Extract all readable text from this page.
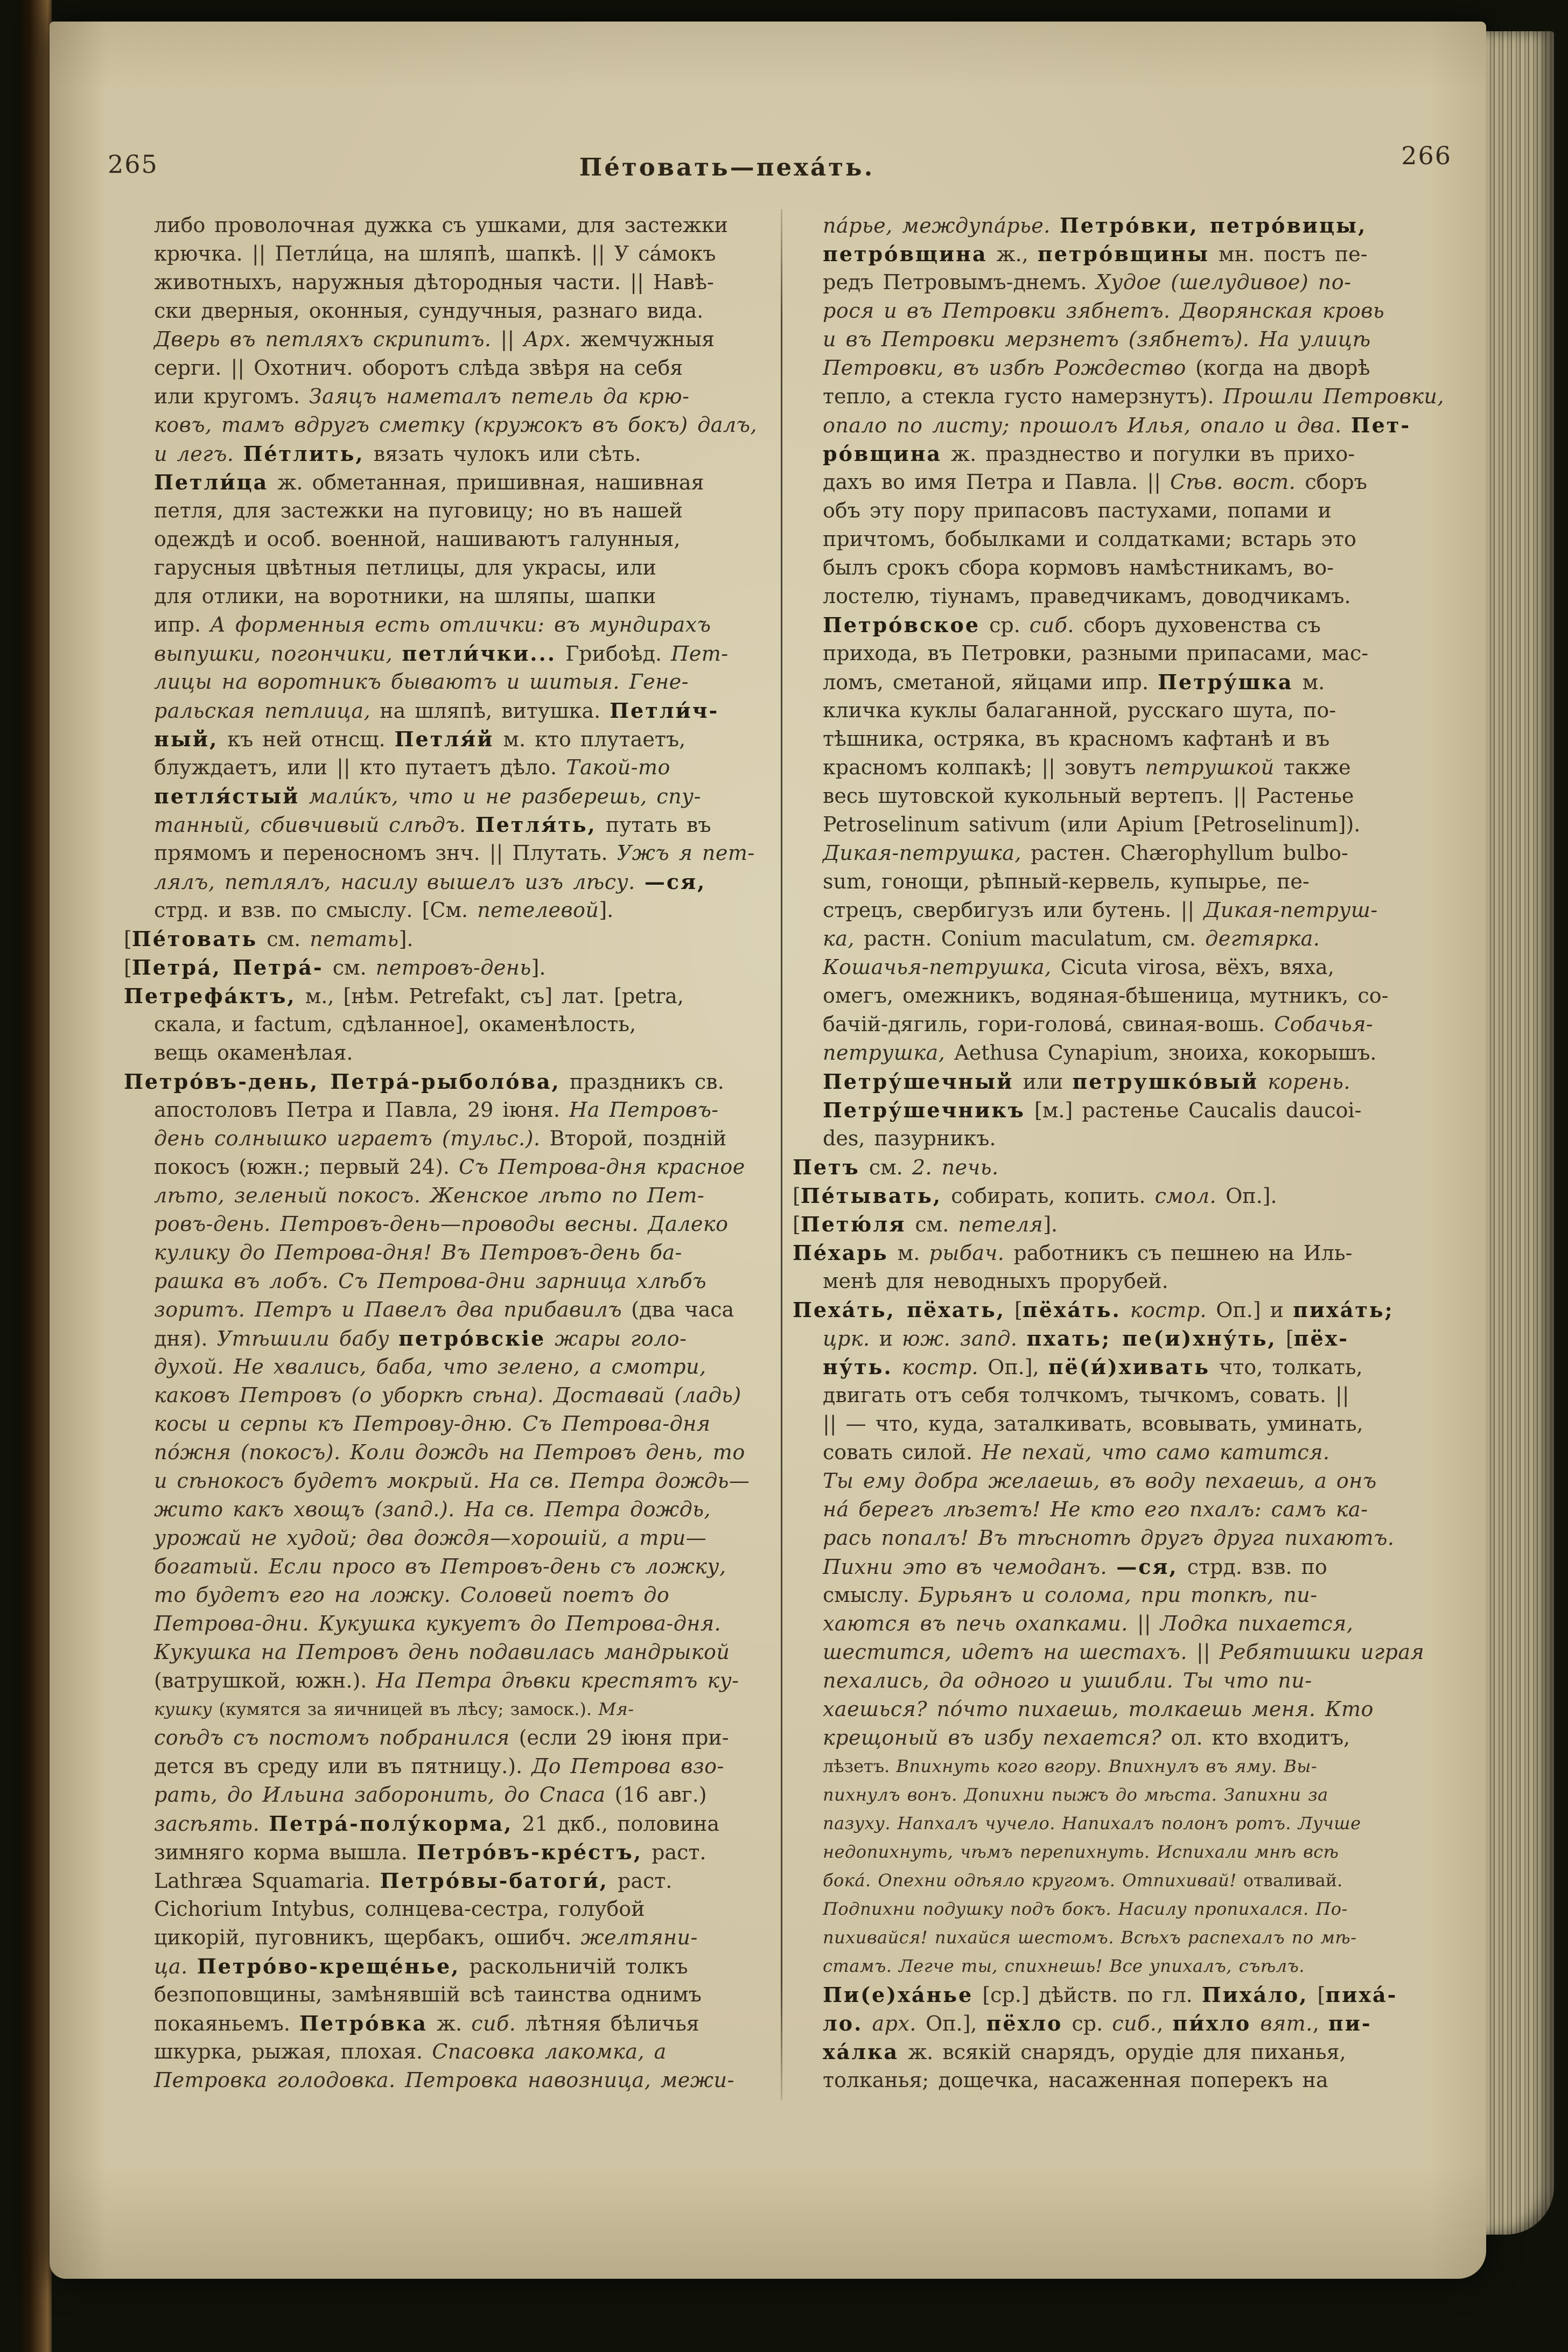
265	266
Пе́товать—пеха́ть.
либо проволочная дужка съ ушками, для застежки
крючка. || Петли́ца, на шляпѣ, шапкѣ. || У са́мокъ
животныхъ, наружныя дѣтородныя части. || Навѣ-
ски дверныя, оконныя, сундучныя, разнаго вида.
Дверь въ петляхъ скрипитъ. || Арх. жемчужныя
серги. || Охотнич. оборотъ слѣда звѣря на себя
или кругомъ. Заяцъ наметалъ петель да крю-
ковъ, тамъ вдругъ сметку (кружокъ въ бокъ) далъ,
и легъ. Пе́тлить, вязать чулокъ или сѣть.
Петли́ца ж. обметанная, пришивная, нашивная
петля, для застежки на пуговицу; но въ нашей
одеждѣ и особ. военной, нашиваютъ галунныя,
гарусныя цвѣтныя петлицы, для украсы, или
для отлики, на воротники, на шляпы, шапки
ипр. А форменныя есть отлички: въ мундирахъ
выпушки, погончики, петли́чки... Грибоѣд. Пет-
лицы на воротникъ бываютъ и шитыя. Гене-
ральская петлица, на шляпѣ, витушка. Петли́ч-
ный, къ ней отнсщ. Петля́й м. кто плутаетъ,
блуждаетъ, или || кто путаетъ дѣло. Такой-то
петля́стый мали́къ, что и не разберешь, спу-
танный, сбивчивый слѣдъ. Петля́ть, путать въ
прямомъ и переносномъ знч. || Плутать. Ужъ я пет-
лялъ, петлялъ, насилу вышелъ изъ лѣсу. —ся,
стрд. и взв. по смыслу. [См. петелевой].
[Пе́товать см. петать].
[Петра́, Петра́- см. петровъ-день].
Петрефа́ктъ, м., [нѣм. Petrefakt, съ] лат. [petra,
скала, и factum, сдѣланное], окаменѣлость,
вещь окаменѣлая.
Петро́въ-день, Петра́-рыболо́ва, праздникъ св.
апостоловъ Петра и Павла, 29 іюня. На Петровъ-
день солнышко играетъ (тульс.). Второй, поздній
покосъ (южн.; первый 24). Съ Петрова-дня красное
лѣто, зеленый покосъ. Женское лѣто по Пет-
ровъ-день. Петровъ-день—проводы весны. Далеко
кулику до Петрова-дня! Въ Петровъ-день ба-
рашка въ лобъ. Съ Петрова-дни зарница хлѣбъ
зоритъ. Петръ и Павелъ два прибавилъ (два часа
дня). Утѣшили бабу петро́вскіе жары голо-
духой. Не хвались, баба, что зелено, а смотри,
каковъ Петровъ (о уборкѣ сѣна). Доставай (ладь)
косы и серпы къ Петрову-дню. Съ Петрова-дня
по́жня (покосъ). Коли дождь на Петровъ день, то
и сѣнокосъ будетъ мокрый. На св. Петра дождь—
жито какъ хвощъ (запд.). На св. Петра дождь,
урожай не худой; два дождя—хорошій, а три—
богатый. Если просо въ Петровъ-день съ ложку,
то будетъ его на ложку. Соловей поетъ до
Петрова-дни. Кукушка кукуетъ до Петрова-дня.
Кукушка на Петровъ день подавилась мандрыкой
(ватрушкой, южн.). На Петра дѣвки крестятъ ку-
кушку (кумятся за яичницей въ лѣсу; замоск.). Мя-
соѣдъ съ постомъ побранился (если 29 іюня при-
дется въ среду или въ пятницу.). До Петрова взо-
рать, до Ильина заборонить, до Спаса (16 авг.)
засѣять. Петра́-полу́корма, 21 дкб., половина
зимняго корма вышла. Петро́въ-кре́стъ, раст.
Lathræa Squamaria. Петро́вы-батоги́, раст.
Cichorium Intybus, солнцева-сестра, голубой
цикорій, пуговникъ, щербакъ, ошибч. желтяни-
ца. Петро́во-креще́нье, раскольничій толкъ
безпоповщины, замѣнявшій всѣ таинства однимъ
покаяньемъ. Петро́вка ж. сиб. лѣтняя бѣличья
шкурка, рыжая, плохая. Спасовка лакомка, а
Петровка голодовка. Петровка навозница, межи-
па́рье, междупа́рье. Петро́вки, петро́вицы,
петро́вщина ж., петро́вщины мн. постъ пе-
редъ Петровымъ-днемъ. Худое (шелудивое) по-
рося и въ Петровки зябнетъ. Дворянская кровь
и въ Петровки мерзнетъ (зябнетъ). На улицѣ
Петровки, въ избѣ Рождество (когда на дворѣ
тепло, а стекла густо намерзнутъ). Прошли Петровки,
опало по листу; прошолъ Илья, опало и два. Пет-
ро́вщина ж. празднество и погулки въ прихо-
дахъ во имя Петра и Павла. || Сѣв. вост. сборъ
объ эту пору припасовъ пастухами, попами и
причтомъ, бобылками и солдатками; встарь это
былъ срокъ сбора кормовъ намѣстникамъ, во-
лостелю, тіунамъ, праведчикамъ, доводчикамъ.
Петро́вское ср. сиб. сборъ духовенства съ
прихода, въ Петровки, разными припасами, мас-
ломъ, сметаной, яйцами ипр. Петру́шка м.
кличка куклы балаганной, русскаго шута, по-
тѣшника, остряка, въ красномъ кафтанѣ и въ
красномъ колпакѣ; || зовутъ петрушкой также
весь шутовской кукольный вертепъ. || Растенье
Petroselinum sativum (или Apium [Petroselinum]).
Дикая-петрушка, растен. Chærophyllum bulbo-
sum, гонощи, рѣпный-кервель, купырье, пе-
стрецъ, свербигузъ или бутень. || Дикая-петруш-
ка, растн. Conium maculatum, см. дегтярка.
Кошачья-петрушка, Cicuta virosa, вёхъ, вяха,
омегъ, омежникъ, водяная-бѣшеница, мутникъ, со-
бачій-дягиль, гори-голова́, свиная-вошь. Собачья-
петрушка, Aethusa Cynapium, зноиха, кокорышъ.
Петру́шечный или петрушко́вый корень.
Петру́шечникъ [м.] растенье Caucalis daucoi-
des, пазурникъ.
Петъ см. 2. печь.
[Пе́тывать, собирать, копить. смол. Оп.].
[Петю́ля см. петеля].
Пе́харь м. рыбач. работникъ съ пешнею на Иль-
менѣ для неводныхъ прорубей.
Пеха́ть, пёхать, [пёха́ть. костр. Оп.] и пиха́ть;
црк. и юж. запд. пхать; пе(и)хну́ть, [пёх-
ну́ть. костр. Оп.], пё(и́)хивать что, толкать,
двигать отъ себя толчкомъ, тычкомъ, совать. ||
|| — что, куда, заталкивать, всовывать, уминать,
совать силой. Не пехай, что само катится.
Ты ему добра желаешь, въ воду пехаешь, а онъ
на́ берегъ лѣзетъ! Не кто его пхалъ: самъ ка-
рась попалъ! Въ тѣснотѣ другъ друга пихаютъ.
Пихни это въ чемоданъ. —ся, стрд. взв. по
смыслу. Бурьянъ и солома, при топкѣ, пи-
хаются въ печь охапками. || Лодка пихается,
шестится, идетъ на шестахъ. || Ребятишки играя
пехались, да одного и ушибли. Ты что пи-
хаешься? по́что пихаешь, толкаешь меня. Кто
крещоный въ избу пехается? ол. кто входитъ,
лѣзетъ. Впихнуть кого вгору. Впихнулъ въ яму. Вы-
пихнулъ вонъ. Допихни пыжъ до мѣста. Запихни за
пазуху. Напхалъ чучело. Напихалъ полонъ ротъ. Лучше
недопихнуть, чѣмъ перепихнуть. Испихали мнѣ всѣ
бока́. Опехни одѣяло кругомъ. Отпихивай! отваливай.
Подпихни подушку подъ бокъ. Насилу пропихался. По-
пихивайся! пихайся шестомъ. Всѣхъ распехалъ по мѣ-
стамъ. Легче ты, спихнешь! Все упихалъ, съѣлъ.
Пи(е)ха́нье [ср.] дѣйств. по гл. Пиха́ло, [пиха́-
ло. арх. Оп.], пёхло ср. сиб., пи́хло вят., пи-
ха́лка ж. всякій снарядъ, орудіе для пиханья,
толканья; дощечка, насаженная поперекъ на
